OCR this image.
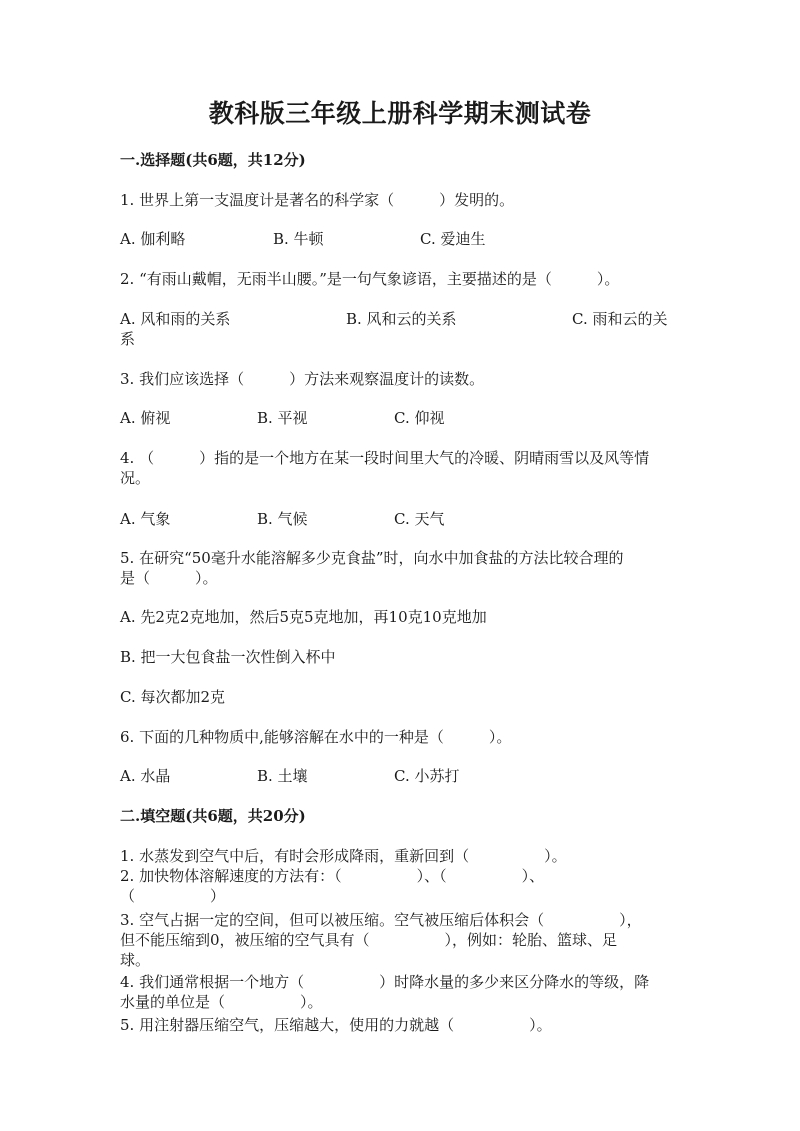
教科版三年级上册科学期末测试卷
一.选择题(共6题，共12分)
1. 世界上第一支温度计是著名的科学家（　　　）发明的。
A. 伽利略	B. 牛顿	C. 爱迪生
2. “有雨山戴帽，无雨半山腰。”是一句气象谚语，主要描述的是（　　　）。
A. 风和雨的关系	B. 风和云的关系	C. 雨和云的关
系
3. 我们应该选择（　　　）方法来观察温度计的读数。
A. 俯视	B. 平视	C. 仰视
4. （　　　）指的是一个地方在某一段时间里大气的冷暖、阴晴雨雪以及风等情
况。
A. 气象	B. 气候	C. 天气
5. 在研究“50毫升水能溶解多少克食盐”时，向水中加食盐的方法比较合理的
是（　　　）。
A. 先2克2克地加，然后5克5克地加，再10克10克地加
B. 把一大包食盐一次性倒入杯中
C. 每次都加2克
6. 下面的几种物质中,能够溶解在水中的一种是（　　　）。
A. 水晶	B. 土壤	C. 小苏打
二.填空题(共6题，共20分)
1. 水蒸发到空气中后，有时会形成降雨，重新回到（　　　　　）。
2. 加快物体溶解速度的方法有：（　　　　　）、（　　　　　）、
（　　　　　）
3. 空气占据一定的空间，但可以被压缩。空气被压缩后体积会（　　　　　），
但不能压缩到0，被压缩的空气具有（　　　　　），例如：轮胎、篮球、足
球。
4. 我们通常根据一个地方（　　　　　）时降水量的多少来区分降水的等级，降
水量的单位是（　　　　　）。
5. 用注射器压缩空气，压缩越大，使用的力就越（　　　　　）。
